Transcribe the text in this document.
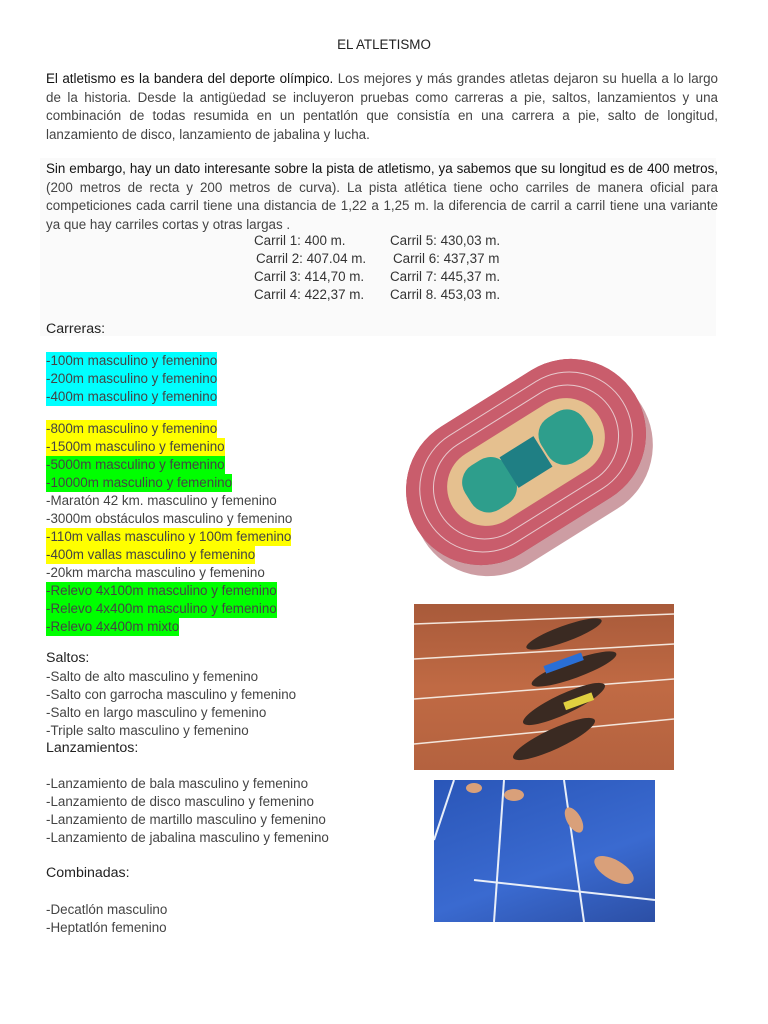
EL ATLETISMO

El atletismo es la bandera del deporte olímpico. Los mejores y más grandes atletas dejaron su huella a lo largo de la historia. Desde la antigüedad se incluyeron pruebas como carreras a pie, saltos, lanzamientos y una combinación de todas resumida en un pentatlón que consistía en una carrera a pie, salto de longitud, lanzamiento de disco, lanzamiento de jabalina y lucha.

Sin embargo, hay un dato interesante sobre la pista de atletismo, ya sabemos que su longitud es de 400 metros, (200 metros de recta y 200 metros de curva). La pista atlética tiene ocho carriles de manera oficial para competiciones cada carril tiene una distancia de 1,22 a 1,25 m. la diferencia de carril a carril tiene una variante ya que hay carriles cortas y otras largas .

Carril 1: 400 m.
Carril 2: 407.04 m.
Carril 3: 414,70 m.
Carril 4: 422,37 m.
Carril 5: 430,03 m.
Carril 6: 437,37 m
Carril 7: 445,37 m.
Carril 8. 453,03 m.
Carreras:
-100m masculino y femenino
-200m masculino y femenino
-400m masculino y femenino
-800m masculino y femenino
-1500m masculino y femenino
-5000m masculino y femenino
-10000m masculino y femenino
-Maratón 42 km. masculino y femenino
-3000m obstáculos masculino y femenino
-110m vallas masculino y 100m femenino
-400m vallas masculino y femenino
-20km marcha masculino y femenino
-Relevo 4x100m masculino y femenino
-Relevo 4x400m masculino y femenino
-Relevo 4x400m mixto
Saltos:
-Salto de alto masculino y femenino
-Salto con garrocha masculino y femenino
-Salto en largo masculino y femenino
-Triple salto masculino y femenino
Lanzamientos:
-Lanzamiento de bala masculino y femenino
-Lanzamiento de disco masculino y femenino
-Lanzamiento de martillo masculino y femenino
-Lanzamiento de jabalina masculino y femenino
Combinadas:
-Decatlón masculino
-Heptatlón femenino
